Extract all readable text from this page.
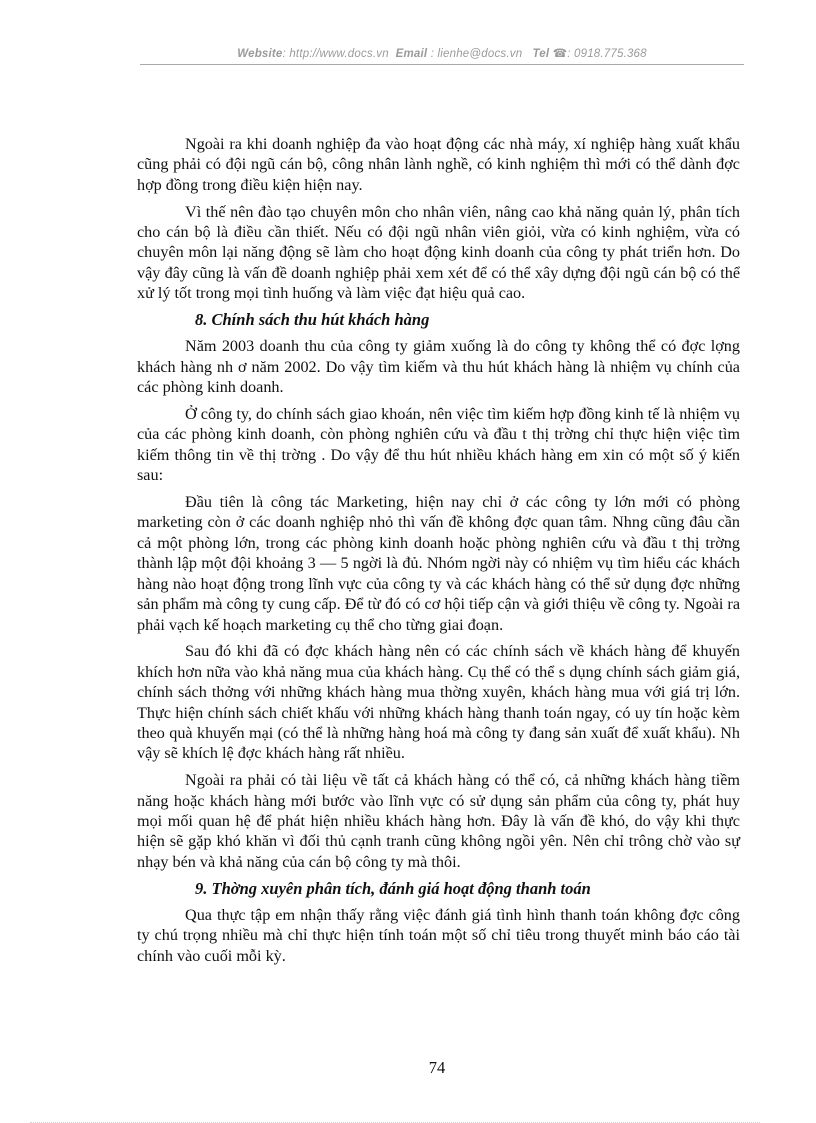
Website: http://www.docs.vn Email : lienhe@docs.vn Tel ☎: 0918.775.368

Ngoài ra khi doanh nghiệp đa vào hoạt động các nhà máy, xí nghiệp hàng xuất khẩu cũng phải có đội ngũ cán bộ, công nhân lành nghề, có kinh nghiệm thì mới có thể dành đợc hợp đồng trong điều kiện hiện nay.

Vì thế nên đào tạo chuyên môn cho nhân viên, nâng cao khả năng quản lý, phân tích cho cán bộ là điều cần thiết. Nếu có đội ngũ nhân viên giỏi, vừa có kinh nghiệm, vừa có chuyên môn lại năng động sẽ làm cho hoạt động kinh doanh của công ty phát triển hơn. Do vậy đây cũng là vấn đề doanh nghiệp phải xem xét để có thể xây dựng đội ngũ cán bộ có thể xử lý tốt trong mọi tình huống và làm việc đạt hiệu quả cao.

8. Chính sách thu hút khách hàng

Năm 2003 doanh thu của công ty giảm xuống là do công ty không thể có đợc lợng khách hàng nh ơ năm 2002. Do vậy tìm kiếm và thu hút khách hàng là nhiệm vụ chính của các phòng kinh doanh.

Ở công ty, do chính sách giao khoán, nên việc tìm kiếm hợp đồng kinh tế là nhiệm vụ của các phòng kinh doanh, còn phòng nghiên cứu và đầu t thị trờng chỉ thực hiện việc tìm kiếm thông tin về thị trờng . Do vậy để thu hút nhiều khách hàng em xin có một số ý kiến sau:

Đầu tiên là công tác Marketing, hiện nay chỉ ở các công ty lớn mới có phòng marketing còn ở các doanh nghiệp nhỏ thì vấn đề không đợc quan tâm. Nhng cũng đâu cần cả một phòng lớn, trong các phòng kinh doanh hoặc phòng nghiên cứu và đầu t thị trờng thành lập một đội khoảng 3 — 5 ngời là đủ. Nhóm ngời này có nhiệm vụ tìm hiểu các khách hàng nào hoạt động trong lĩnh vực của công ty và các khách hàng có thể sử dụng đợc những sản phẩm mà công ty cung cấp. Để từ đó có cơ hội tiếp cận và giới thiệu về công ty. Ngoài ra phải vạch kế hoạch marketing cụ thể cho từng giai đoạn.

Sau đó khi đã có đợc khách hàng nên có các chính sách về khách hàng để khuyến khích hơn nữa vào khả năng mua của khách hàng. Cụ thể có thể s dụng chính sách giảm giá, chính sách thởng với những khách hàng mua thờng xuyên, khách hàng mua với giá trị lớn. Thực hiện chính sách chiết khấu với những khách hàng thanh toán ngay, có uy tín hoặc kèm theo quà khuyến mại (có thể là những hàng hoá mà công ty đang sản xuất để xuất khẩu). Nh vậy sẽ khích lệ đợc khách hàng rất nhiều.

Ngoài ra phải có tài liệu về tất cả khách hàng có thể có, cả những khách hàng tiềm năng hoặc khách hàng mới bước vào lĩnh vực có sử dụng sản phẩm của công ty, phát huy mọi mối quan hệ để phát hiện nhiều khách hàng hơn. Đây là vấn đề khó, do vậy khi thực hiện sẽ gặp khó khăn vì đối thủ cạnh tranh cũng không ngồi yên. Nên chỉ trông chờ vào sự nhạy bén và khả năng của cán bộ công ty mà thôi.

9. Thờng xuyên phân tích, đánh giá hoạt động thanh toán

Qua thực tập em nhận thấy rằng việc đánh giá tình hình thanh toán không đợc công ty chú trọng nhiều mà chỉ thực hiện tính toán một số chỉ tiêu trong thuyết minh báo cáo tài chính vào cuối mỗi kỳ.

74
